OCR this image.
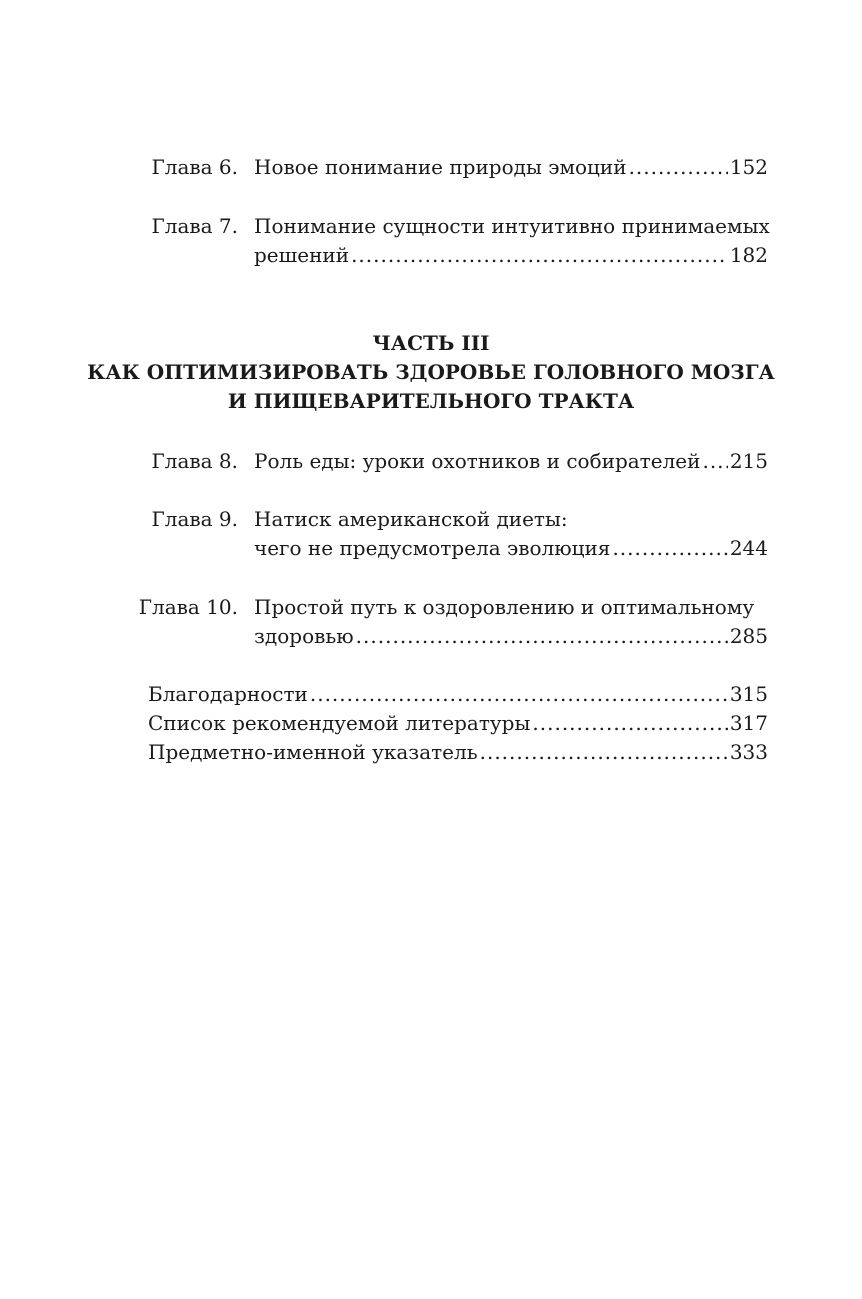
Глава 6. Новое понимание природы эмоций .....	152
Глава 7. Понимание сущности интуитивно принимаемых
решений .....	182
ЧАСТЬ III
КАК ОПТИМИЗИРОВАТЬ ЗДОРОВЬЕ ГОЛОВНОГО МОЗГА
И ПИЩЕВАРИТЕЛЬНОГО ТРАКТА
Глава 8. Роль еды: уроки охотников и собирателей ..... 215
Глава 9. Натиск американской диеты:
чего не предусмотрела эволюция .....	244
Глава 10. Простой путь к оздоровлению и оптимальному
здоровью .....	285
Благодарности .....	315
Список рекомендуемой литературы .....	317
Предметно-именной указатель .....	333
